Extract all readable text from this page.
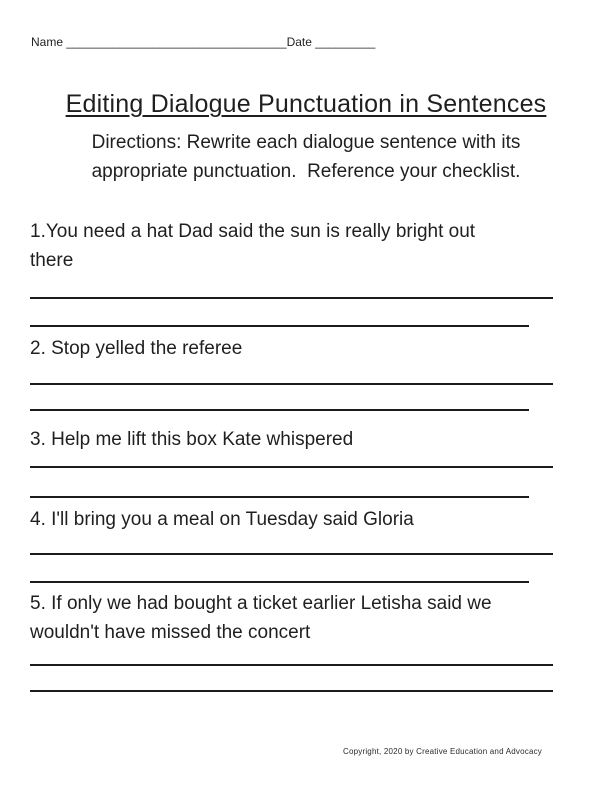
Name _________________________________Date _________
Editing Dialogue Punctuation in Sentences
Directions: Rewrite each dialogue sentence with its
appropriate punctuation.  Reference your checklist.
1.You need a hat Dad said the sun is really bright out
there
2. Stop yelled the referee
3. Help me lift this box Kate whispered
4. I'll bring you a meal on Tuesday said Gloria
5. If only we had bought a ticket earlier Letisha said we
wouldn't have missed the concert
Copyright, 2020 by Creative Education and Advocacy
